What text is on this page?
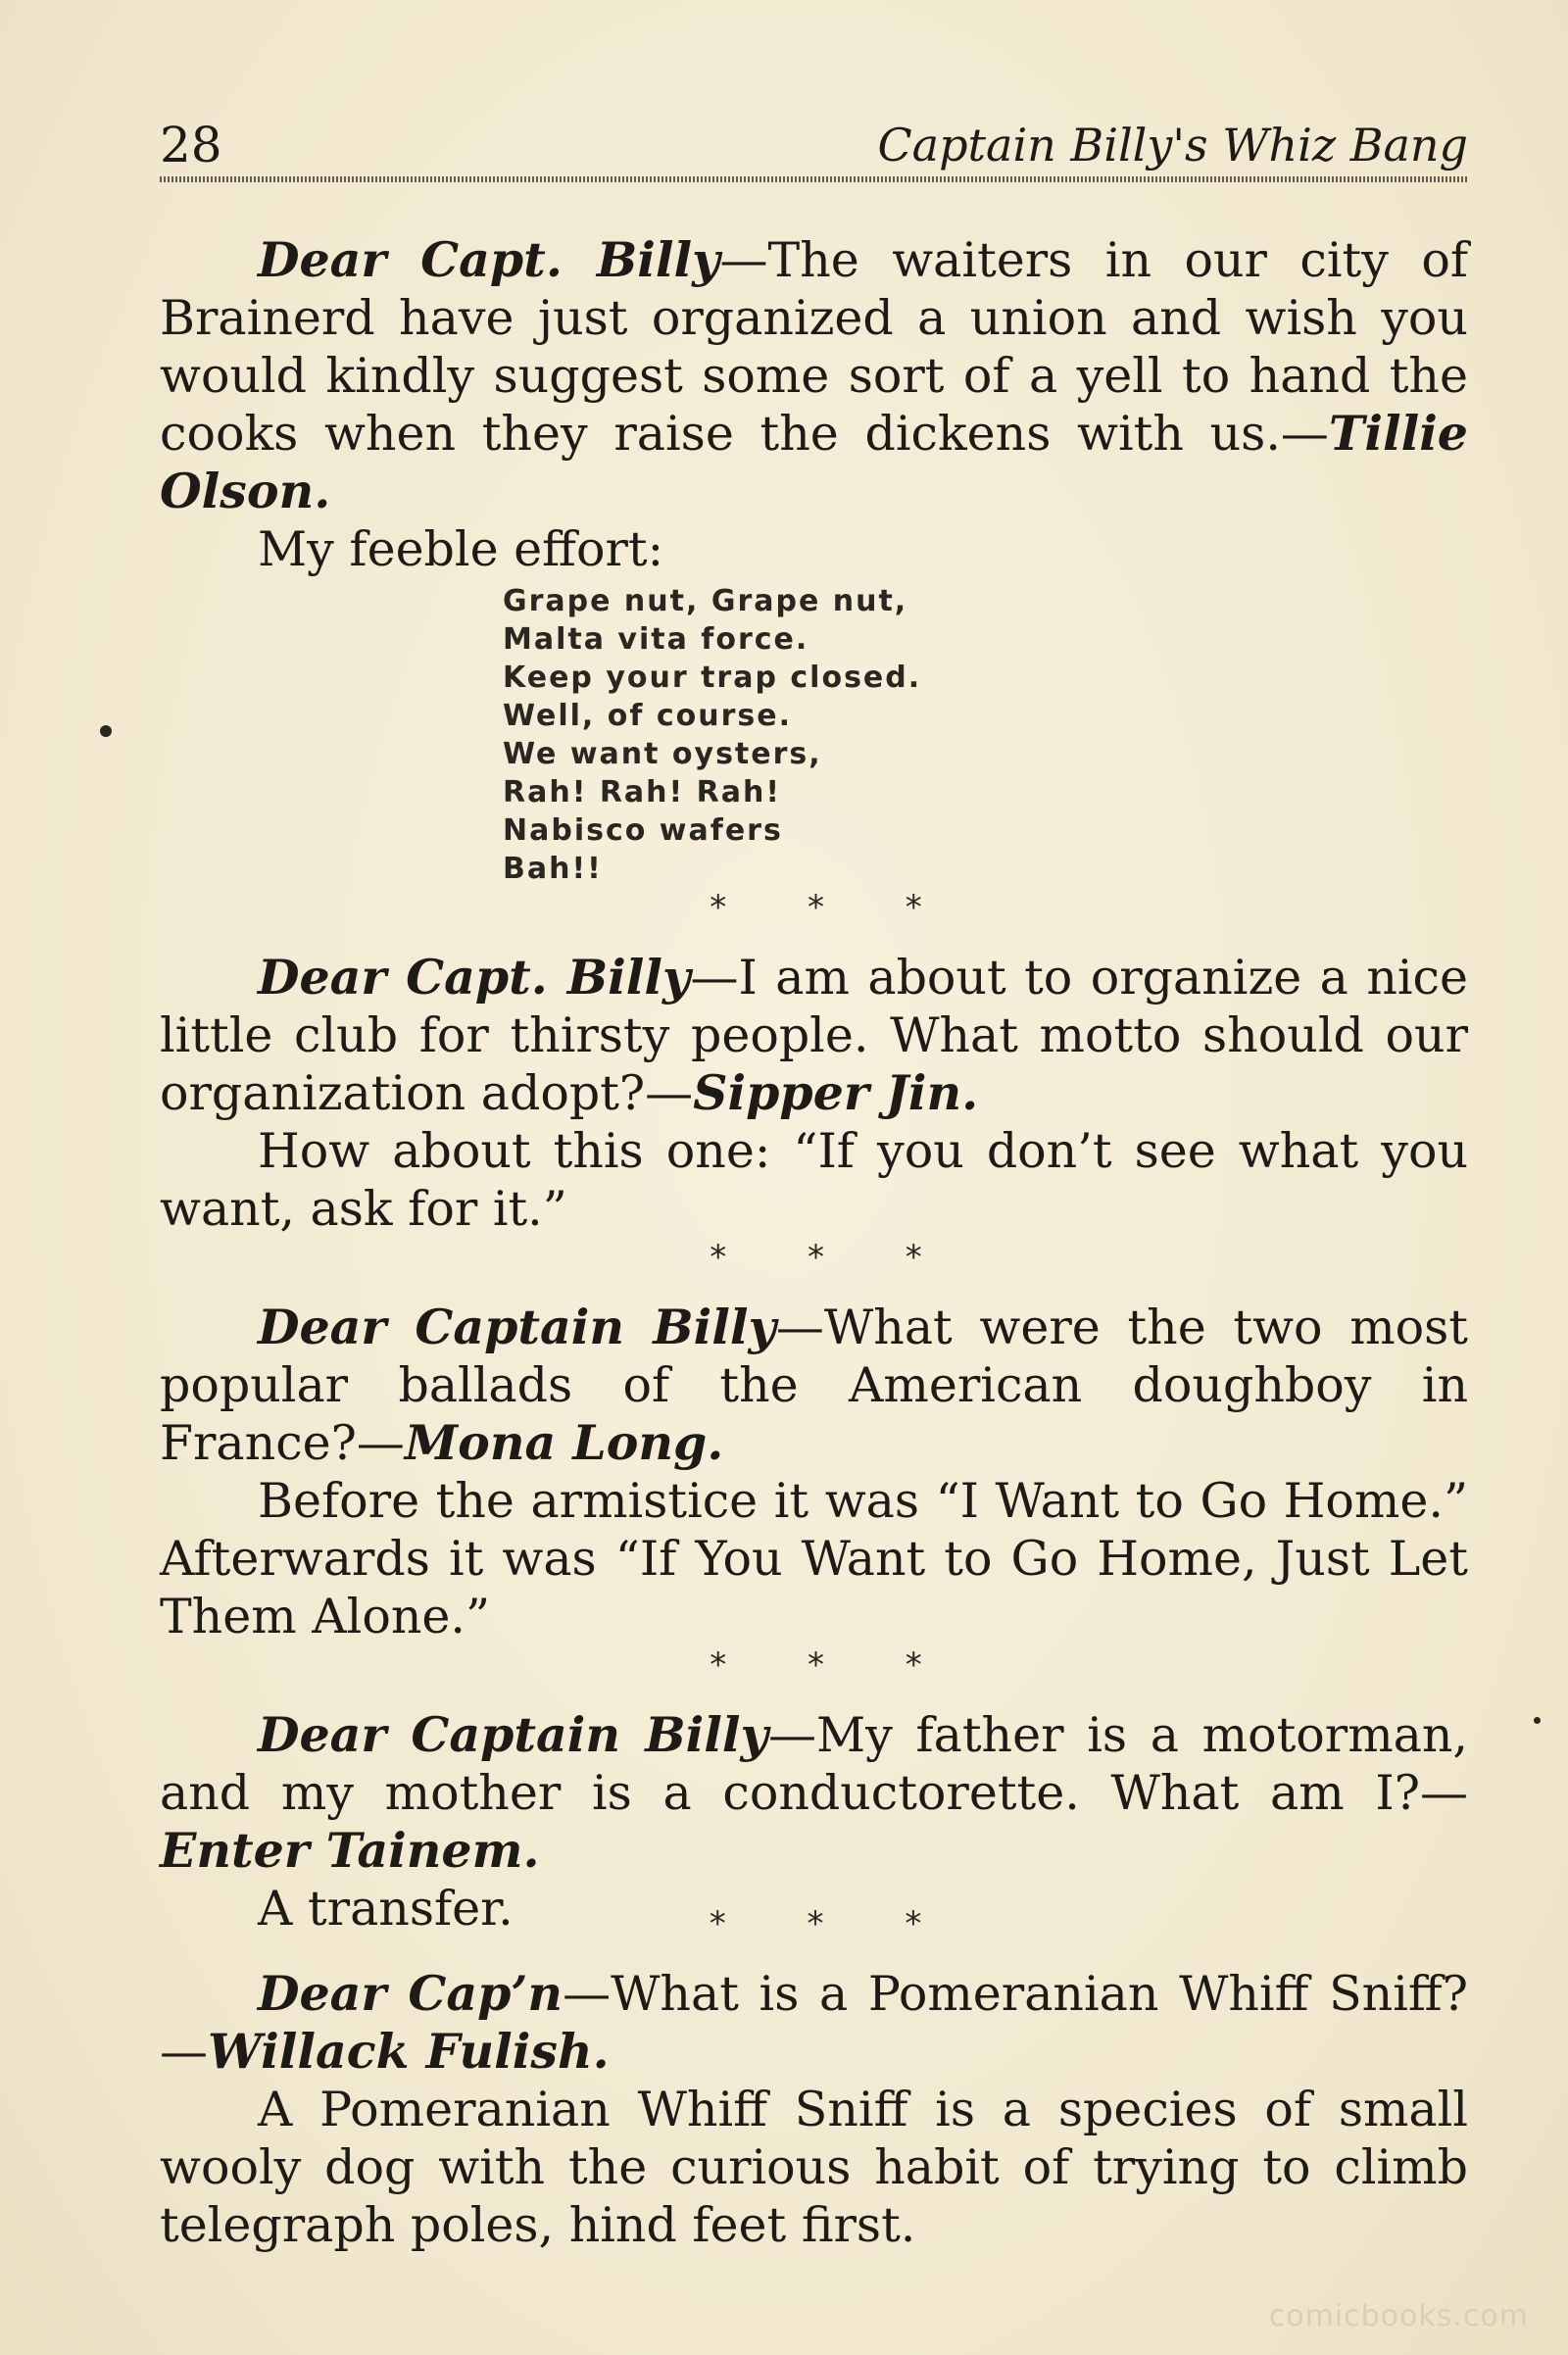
28	Captain Billy's Whiz Bang

Dear Capt. Billy—The waiters in our city of Brainerd have just organized a union and wish you would kindly suggest some sort of a yell to hand the cooks when they raise the dickens with us.—Tillie Olson.

My feeble effort:

Grape nut, Grape nut,
Malta vita force.
Keep your trap closed.
Well, of course.
We want oysters,
Rah! Rah! Rah!
Nabisco wafers
Bah!!
* * *

Dear Capt. Billy—I am about to organize a nice little club for thirsty people. What motto should our organization adopt?—Sipper Jin.

How about this one: “If you don’t see what you want, ask for it.”

* * *

Dear Captain Billy—What were the two most popular ballads of the American doughboy in France?—Mona Long.

Before the armistice it was “I Want to Go Home.” Afterwards it was “If You Want to Go Home, Just Let Them Alone.”

* * *

Dear Captain Billy—My father is a motorman, and my mother is a conductorette. What am I?—Enter Tainem.

A transfer.	* * *

Dear Cap’n—What is a Pomeranian Whiff Sniff?—Willack Fulish.

A Pomeranian Whiff Sniff is a species of small wooly dog with the curious habit of trying to climb telegraph poles, hind feet first.

comicbooks.com
